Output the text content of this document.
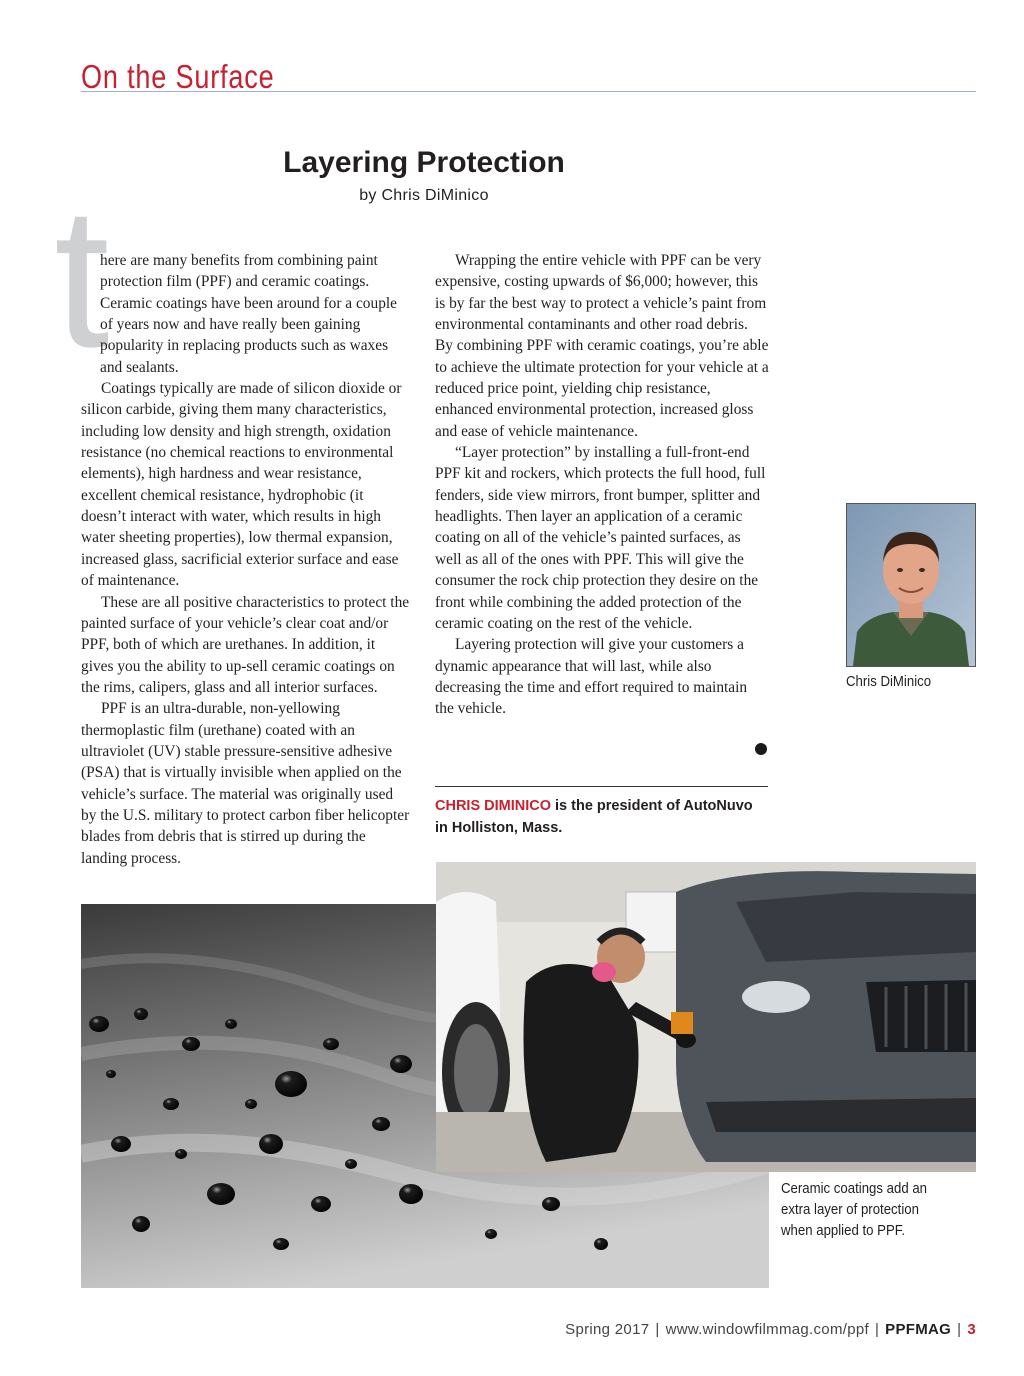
On the Surface
Layering Protection
by Chris DiMinico
t

here are many benefits from combining paint protection film (PPF) and ceramic coatings. Ceramic coatings have been around for a couple of years now and have really been gaining popularity in replacing products such as waxes and sealants.

Coatings typically are made of silicon dioxide or silicon carbide, giving them many characteristics, including low density and high strength, oxidation resistance (no chemical reactions to environmental elements), high hardness and wear resistance, excellent chemical resistance, hydrophobic (it doesn’t interact with water, which results in high water sheeting properties), low thermal expansion, increased glass, sacrificial exterior surface and ease of maintenance.

These are all positive characteristics to protect the painted surface of your vehicle’s clear coat and/or PPF, both of which are urethanes. In addition, it gives you the ability to up-sell ceramic coatings on the rims, calipers, glass and all interior surfaces.

PPF is an ultra-durable, non-yellowing thermoplastic film (urethane) coated with an ultraviolet (UV) stable pressure-sensitive adhesive (PSA) that is virtually invisible when applied on the vehicle’s surface. The material was originally used by the U.S. military to protect carbon fiber helicopter blades from debris that is stirred up during the landing process.

Wrapping the entire vehicle with PPF can be very expensive, costing upwards of $6,000; however, this is by far the best way to protect a vehicle’s paint from environmental contaminants and other road debris. By combining PPF with ceramic coatings, you’re able to achieve the ultimate protection for your vehicle at a reduced price point, yielding chip resistance, enhanced environmental protection, increased gloss and ease of vehicle maintenance.

“Layer protection” by installing a full-front-end PPF kit and rockers, which protects the full hood, full fenders, side view mirrors, front bumper, splitter and headlights. Then layer an application of a ceramic coating on all of the vehicle’s painted surfaces, as well as all of the ones with PPF. This will give the consumer the rock chip protection they desire on the front while combining the added protection of the ceramic coating on the rest of the vehicle.

Layering protection will give your customers a dynamic appearance that will last, while also decreasing the time and effort required to maintain the vehicle.

CHRIS DIMINICO is the president of AutoNuvo in Holliston, Mass.
Chris DiMinico
Ceramic coatings add an extra layer of protection when applied to PPF.
Spring 2017 | www.windowfilmmag.com/ppf | PPFMAG | 3
